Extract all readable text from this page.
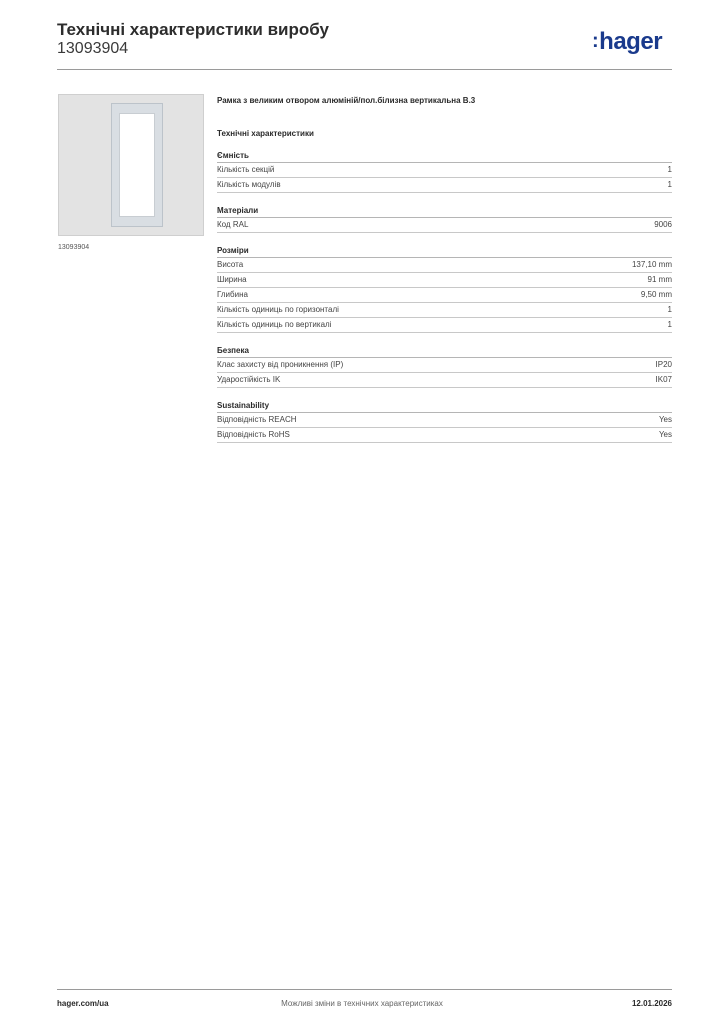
Технічні характеристики виробу
13093904	:hager
13093904
Рамка з великим отвором алюміній/пол.білизна вертикальна В.3
Технічні характеристики
Ємність
Кількість секцій	1
Кількість модулів	1
Матеріали
Код RAL	9006
Розміри
Висота	137,10 mm
Ширина	91 mm
Глибина	9,50 mm
Кількість одиниць по горизонталі	1
Кількість одиниць по вертикалі	1
Безпека
Клас захисту від проникнення (IP)	IP20
Ударостійкість IK	IK07
Sustainability
Відповідність REACH	Yes
Відповідність RoHS	Yes
hager.com/ua	Можливі зміни в технічних характеристиках	12.01.2026
